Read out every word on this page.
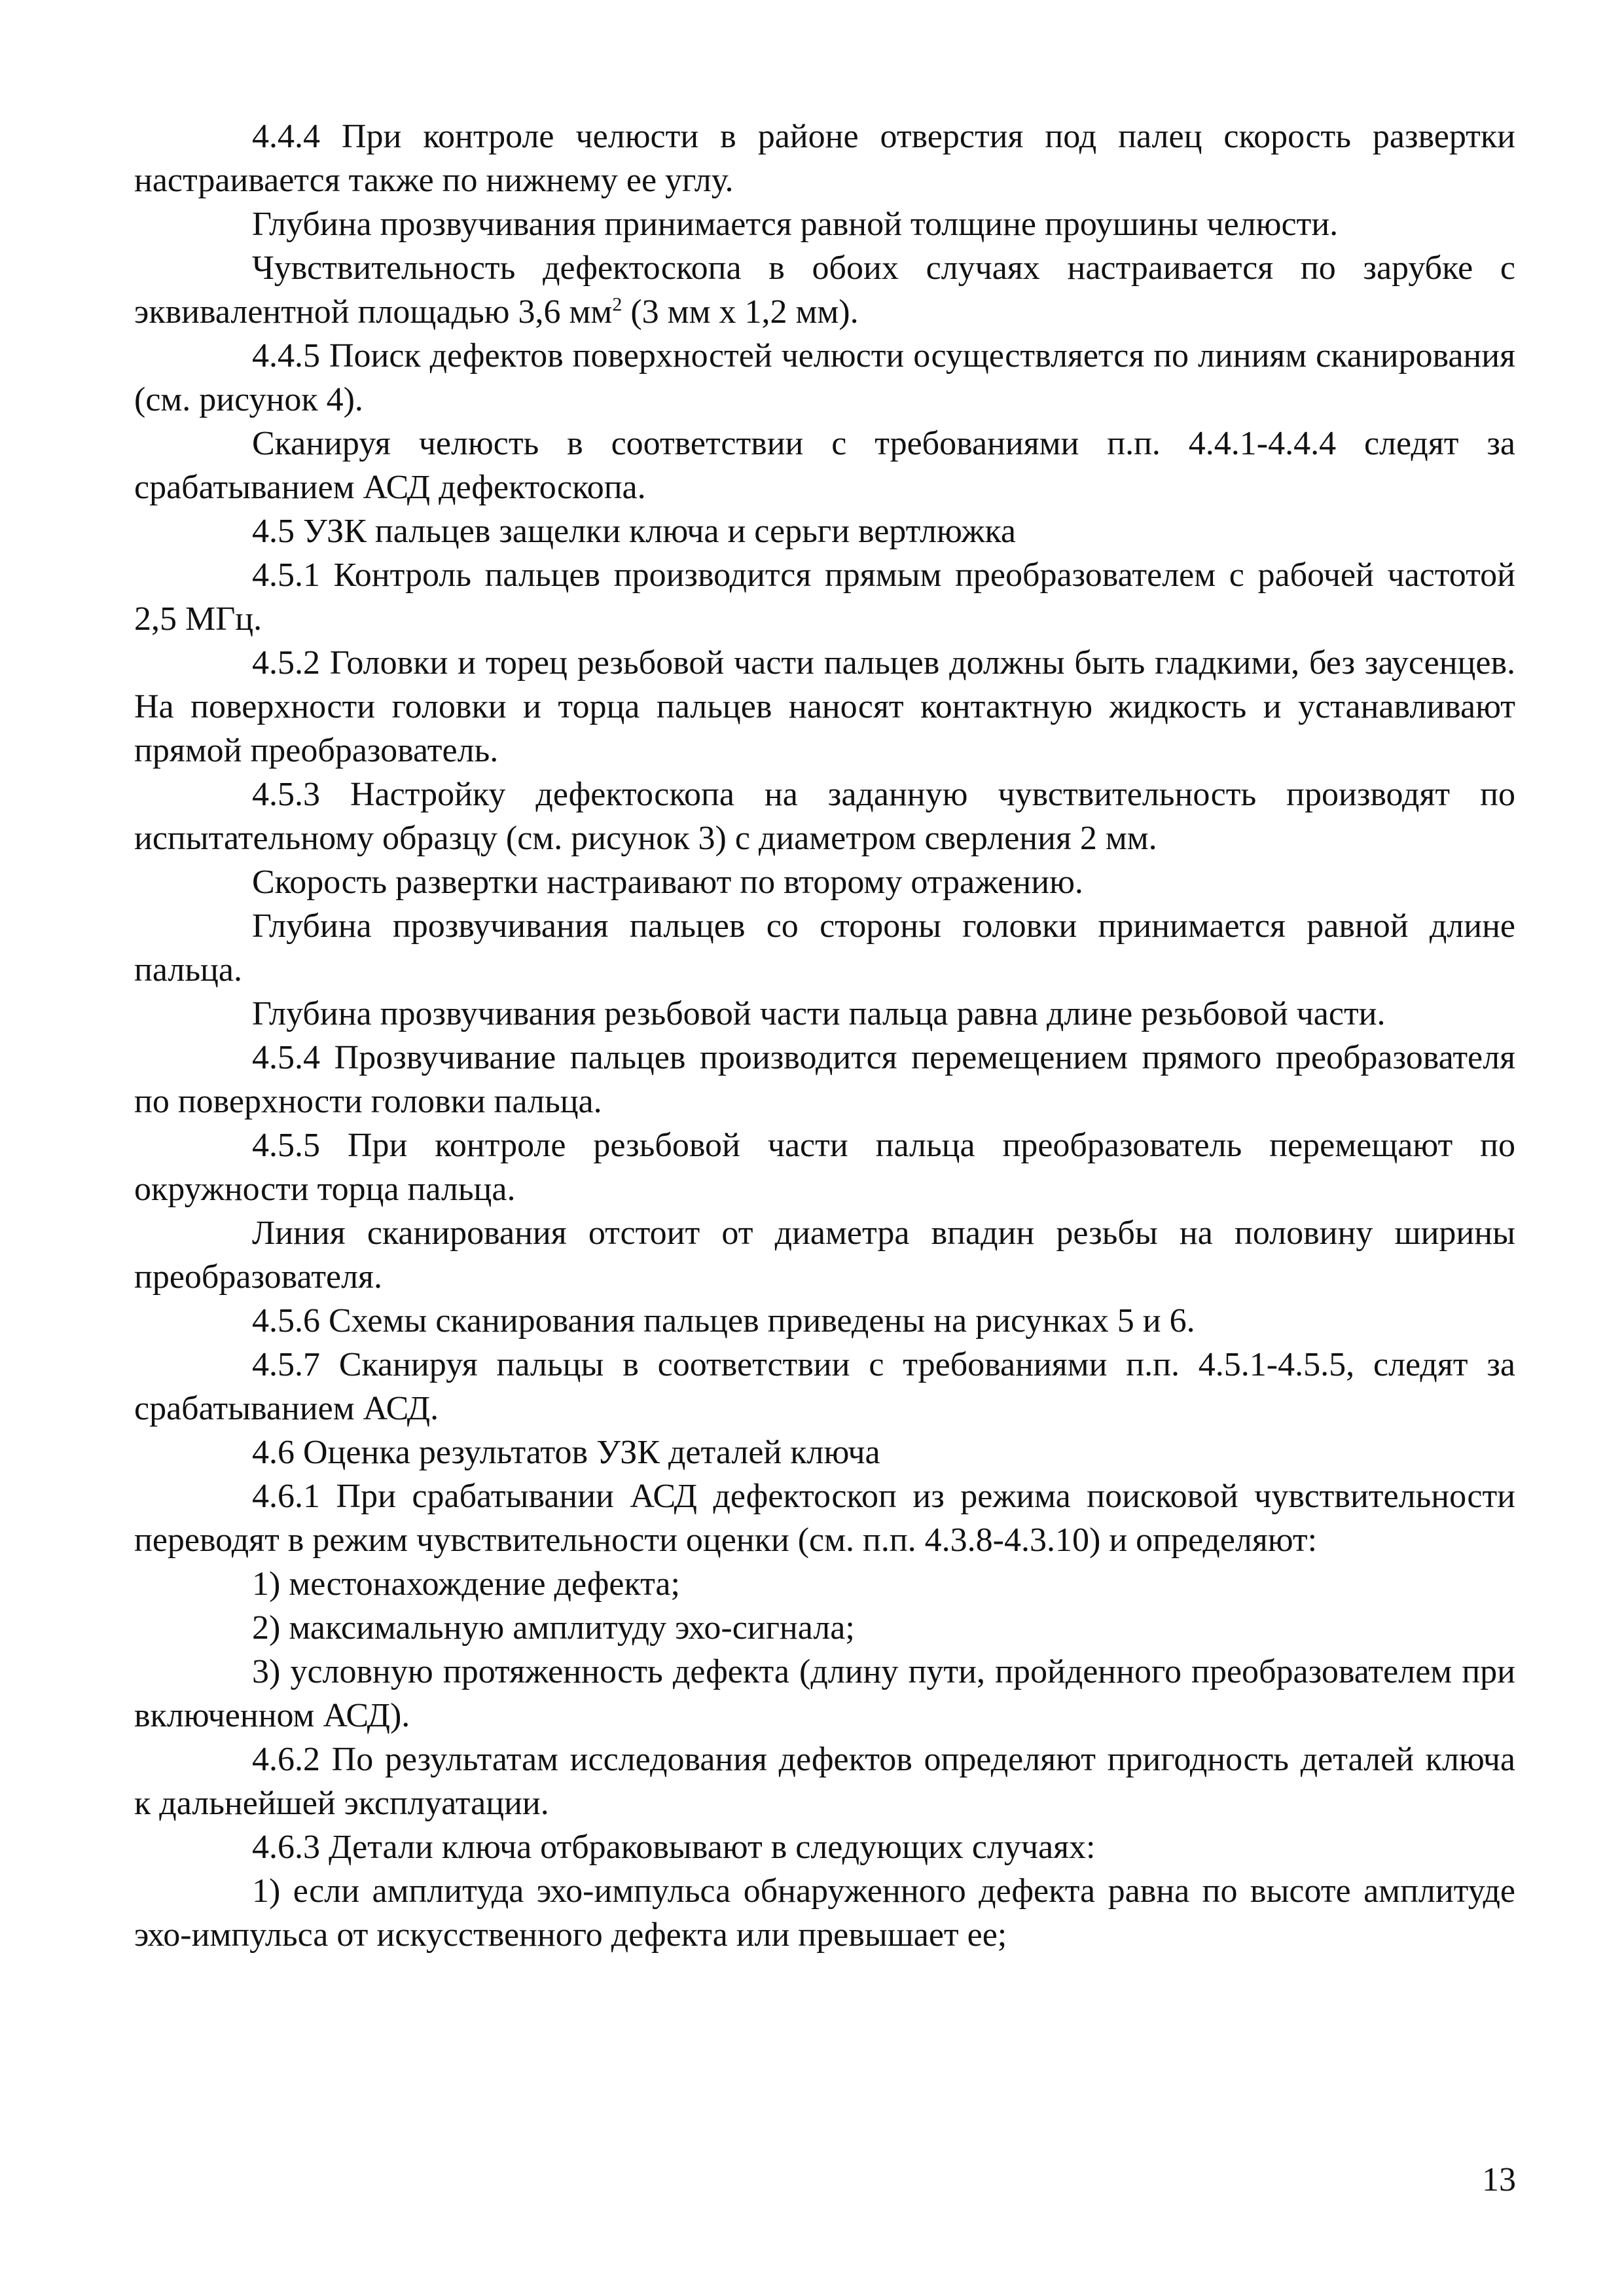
4.4.4 При контроле челюсти в районе отверстия под палец скорость развертки настраивается также по нижнему ее углу.

Глубина прозвучивания принимается равной толщине проушины челюсти.

Чувствительность дефектоскопа в обоих случаях настраивается по зарубке с эквивалентной площадью 3,6 $мм^2$ (3 мм х 1,2 мм).

4.4.5 Поиск дефектов поверхностей челюсти осуществляется по линиям сканирования (см. рисунок 4).

Сканируя челюсть в соответствии с требованиями п.п. 4.4.1-4.4.4 следят за срабатыванием АСД дефектоскопа.

4.5 УЗК пальцев защелки ключа и серьги вертлюжка

4.5.1 Контроль пальцев производится прямым преобразователем с рабочей частотой 2,5 МГц.

4.5.2 Головки и торец резьбовой части пальцев должны быть гладкими, без заусенцев. На поверхности головки и торца пальцев наносят контактную жидкость и устанавливают прямой преобразователь.

4.5.3 Настройку дефектоскопа на заданную чувствительность производят по испытательному образцу (см. рисунок 3) с диаметром сверления 2 мм.

Скорость развертки настраивают по второму отражению.

Глубина прозвучивания пальцев со стороны головки принимается равной длине пальца.

Глубина прозвучивания резьбовой части пальца равна длине резьбовой части.

4.5.4 Прозвучивание пальцев производится перемещением прямого преобразователя по поверхности головки пальца.

4.5.5 При контроле резьбовой части пальца преобразователь перемещают по окружности торца пальца.

Линия сканирования отстоит от диаметра впадин резьбы на половину ширины преобразователя.

4.5.6 Схемы сканирования пальцев приведены на рисунках 5 и 6.

4.5.7 Сканируя пальцы в соответствии с требованиями п.п. 4.5.1-4.5.5, следят за срабатыванием АСД.

4.6 Оценка результатов УЗК деталей ключа

4.6.1 При срабатывании АСД дефектоскоп из режима поисковой чувствительности переводят в режим чувствительности оценки (см. п.п. 4.3.8-4.3.10) и определяют:

1) местонахождение дефекта;

2) максимальную амплитуду эхо-сигнала;

3) условную протяженность дефекта (длину пути, пройденного преобразователем при включенном АСД).

4.6.2 По результатам исследования дефектов определяют пригодность деталей ключа к дальнейшей эксплуатации.

4.6.3 Детали ключа отбраковывают в следующих случаях:

1) если амплитуда эхо-импульса обнаруженного дефекта равна по высоте амплитуде эхо-импульса от искусственного дефекта или превышает ее;

13
